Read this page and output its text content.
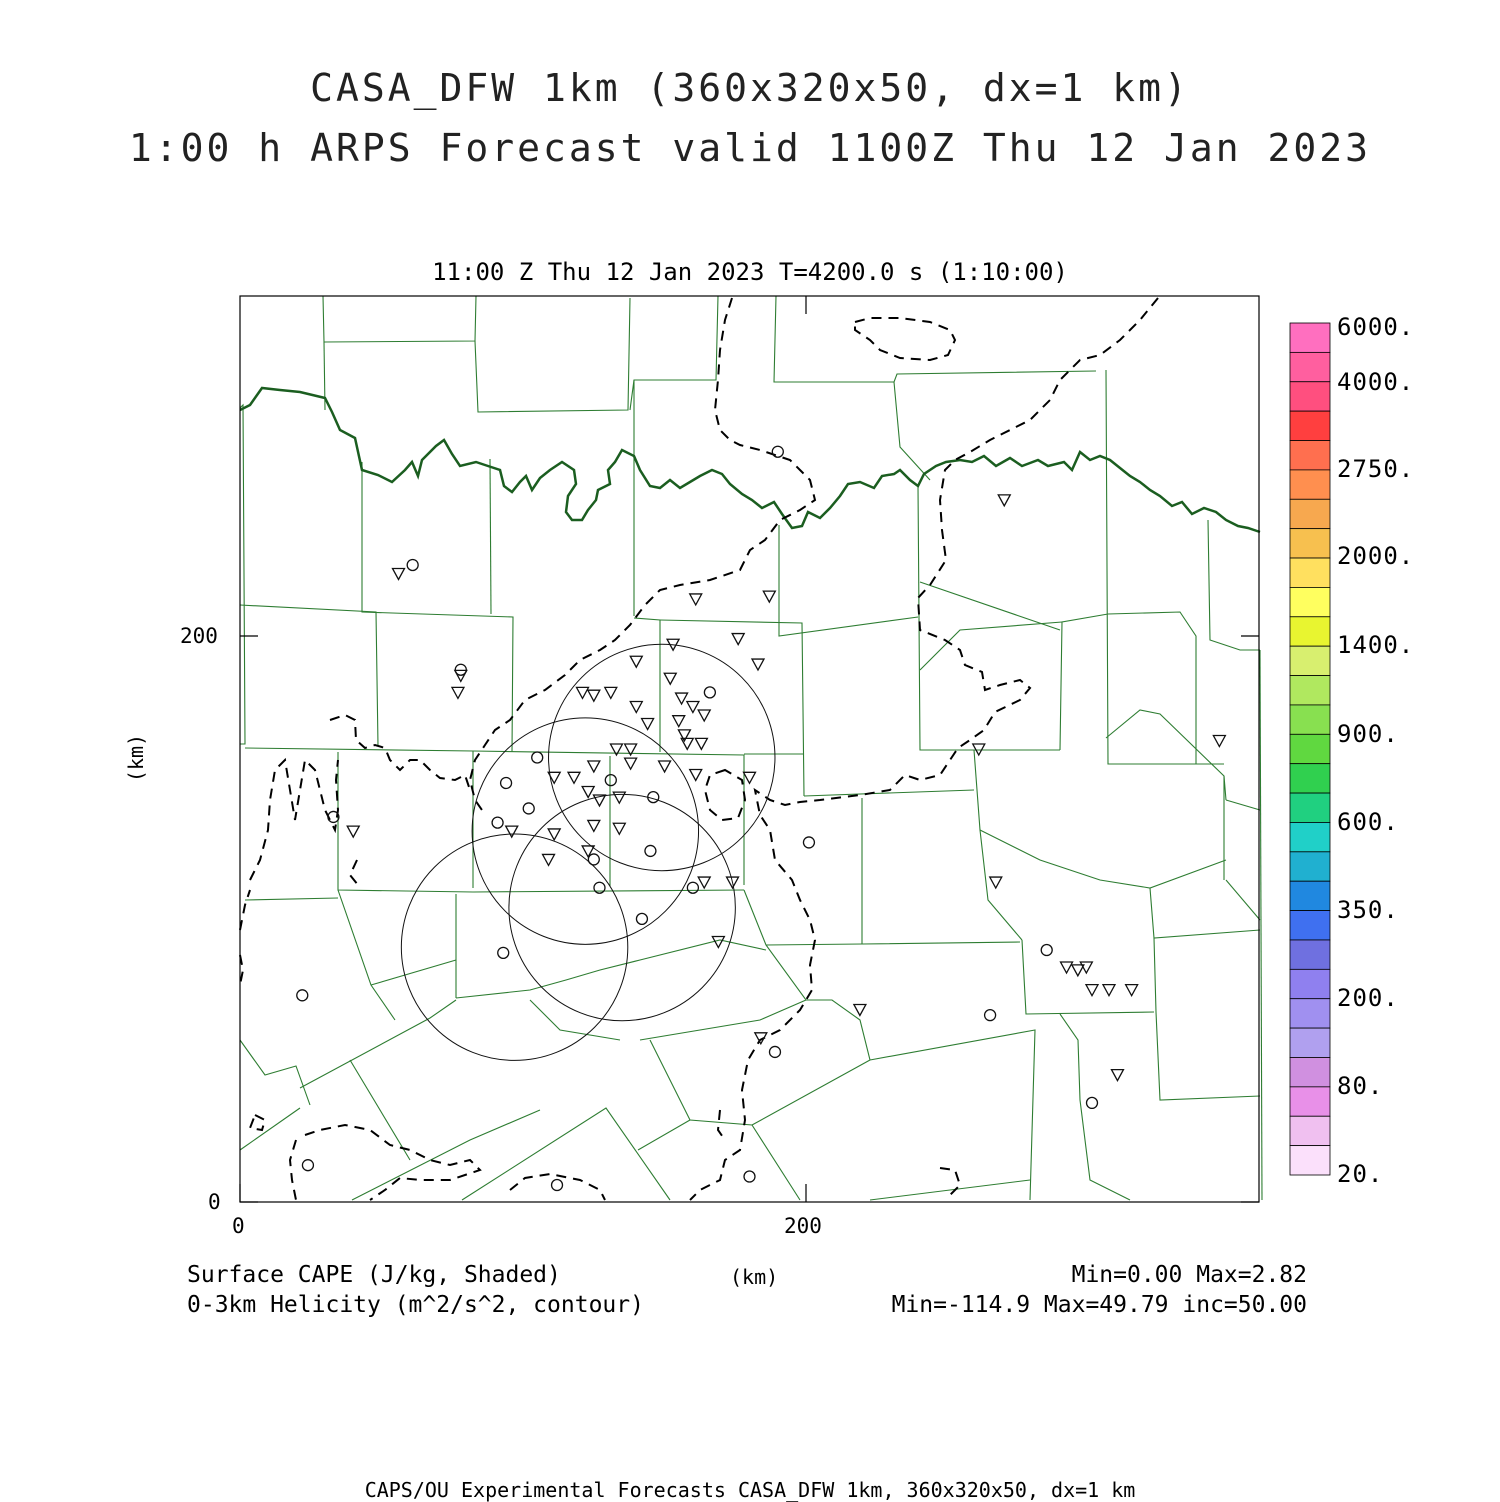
CASA_DFW 1km (360x320x50, dx=1 km)
1:00 h ARPS Forecast valid 1100Z Thu 12 Jan 2023
11:00 Z Thu 12 Jan 2023 T=4200.0 s (1:10:00)
200
0
0	200
(km)
(km)
Surface CAPE (J/kg, Shaded)
0-3km Helicity (m^2/s^2, contour)
Min=0.00 Max=2.82
Min=-114.9 Max=49.79 inc=50.00
6000.
4000.
2750.
2000.
1400.
900.
600.
350.
200.
80.
20.
CAPS/OU Experimental Forecasts CASA_DFW 1km, 360x320x50, dx=1 km
